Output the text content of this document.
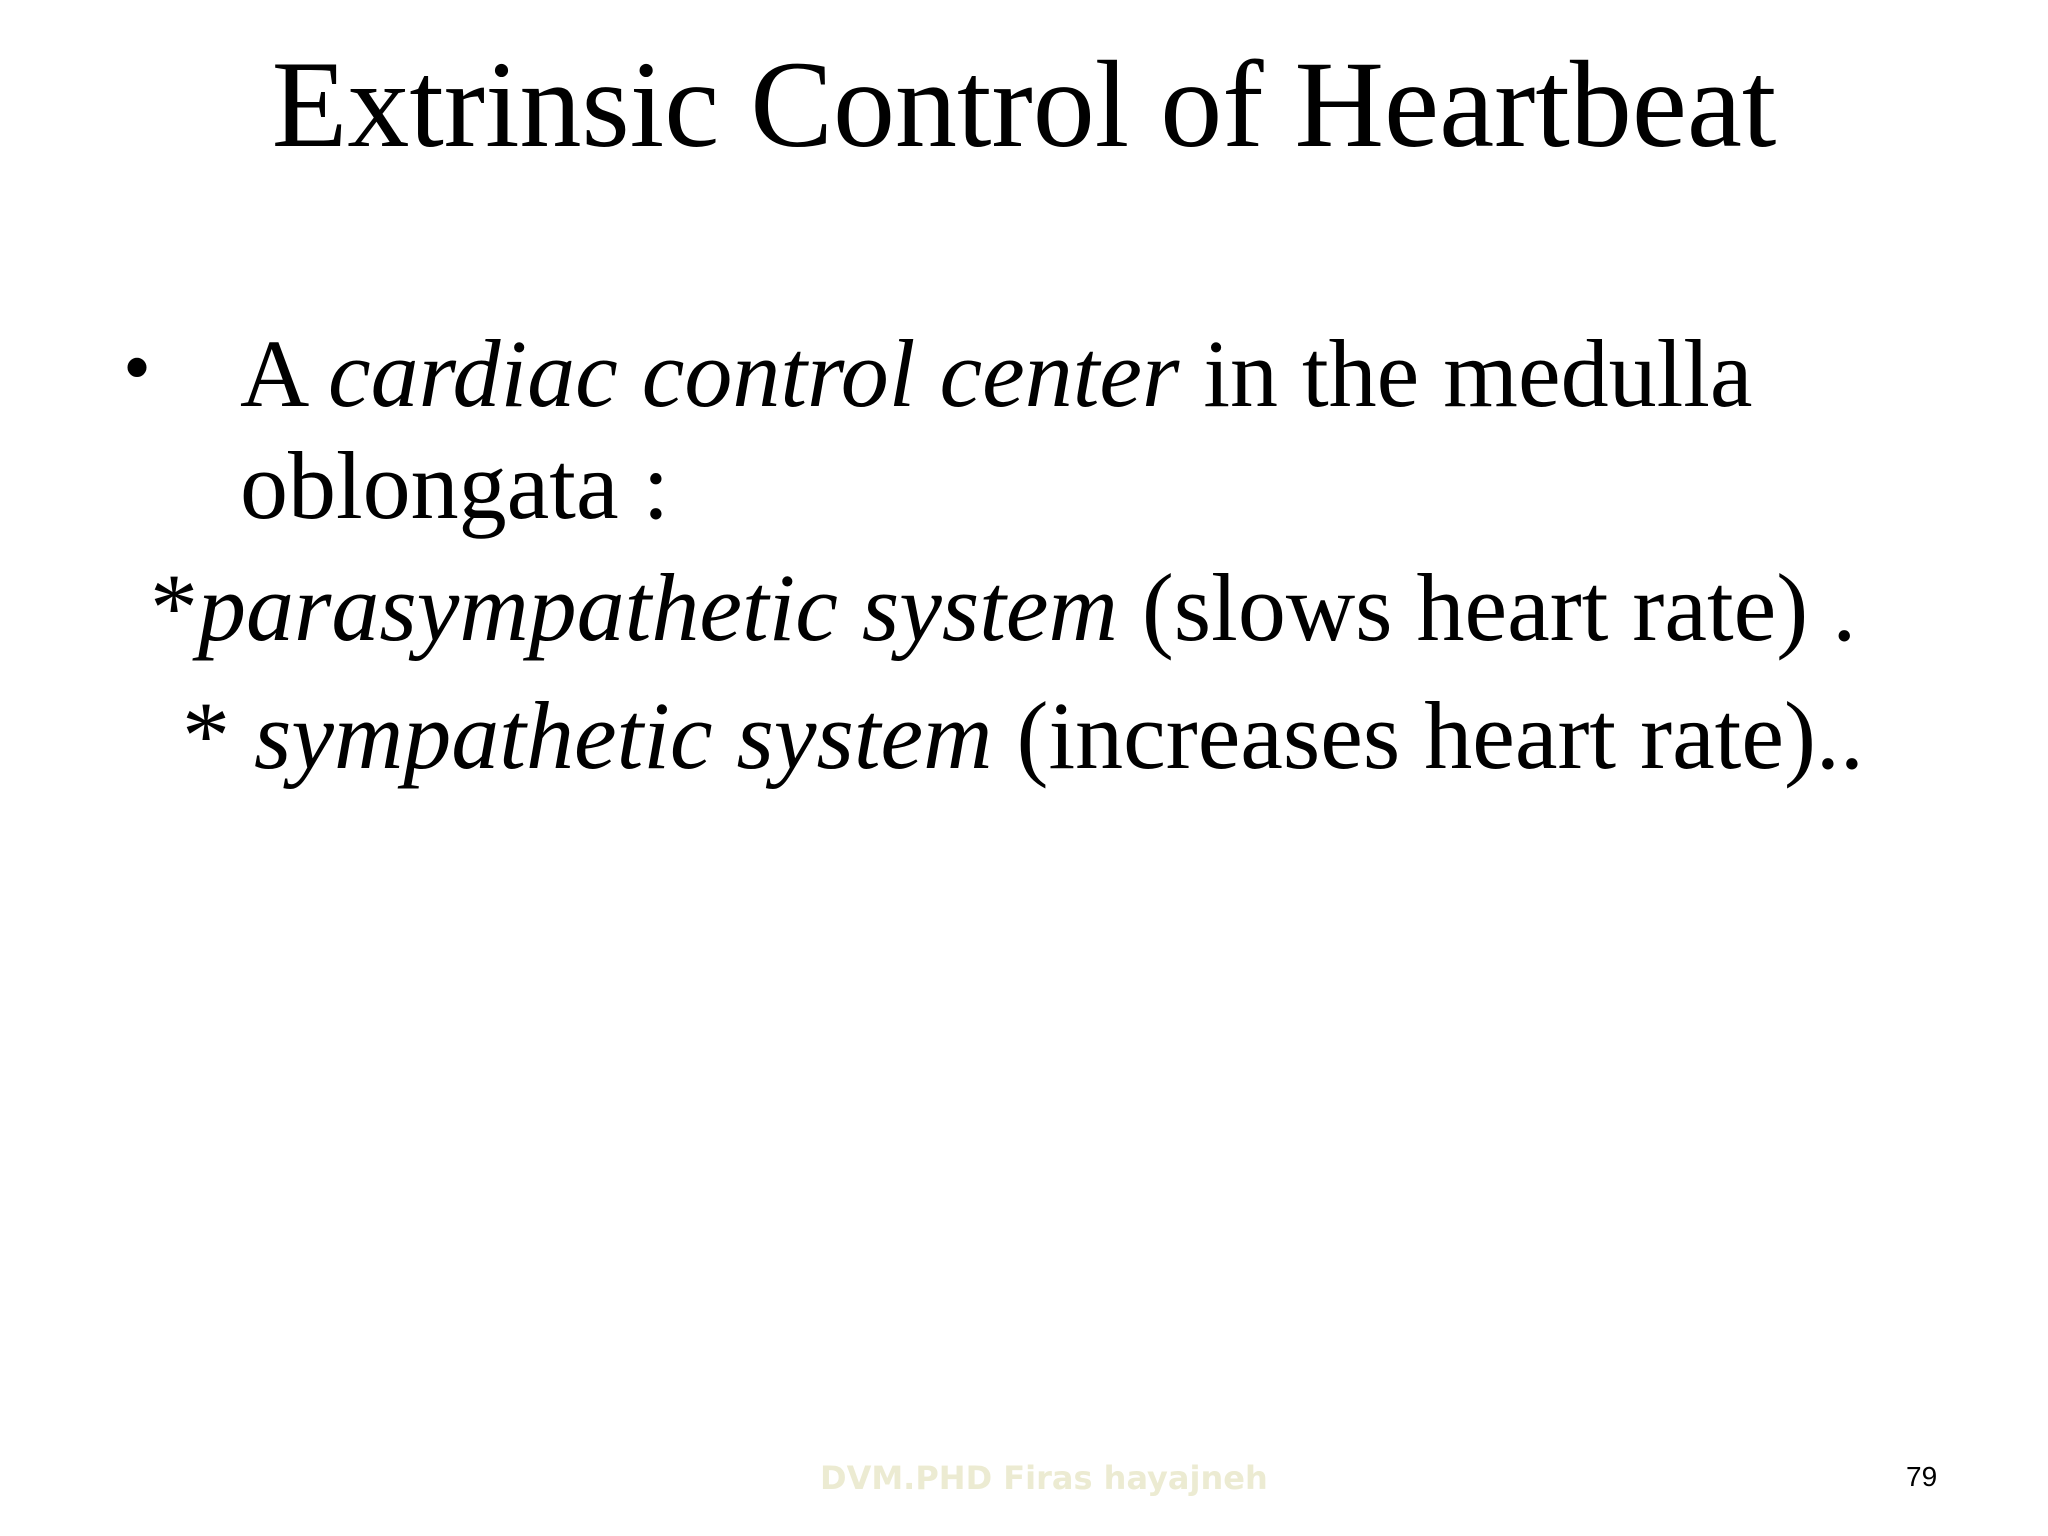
Extrinsic Control of Heartbeat
• A cardiac control center in the medulla oblongata :
*parasympathetic system (slows heart rate) .
* sympathetic system (increases heart rate)..
DVM.PHD Firas hayajneh	79
